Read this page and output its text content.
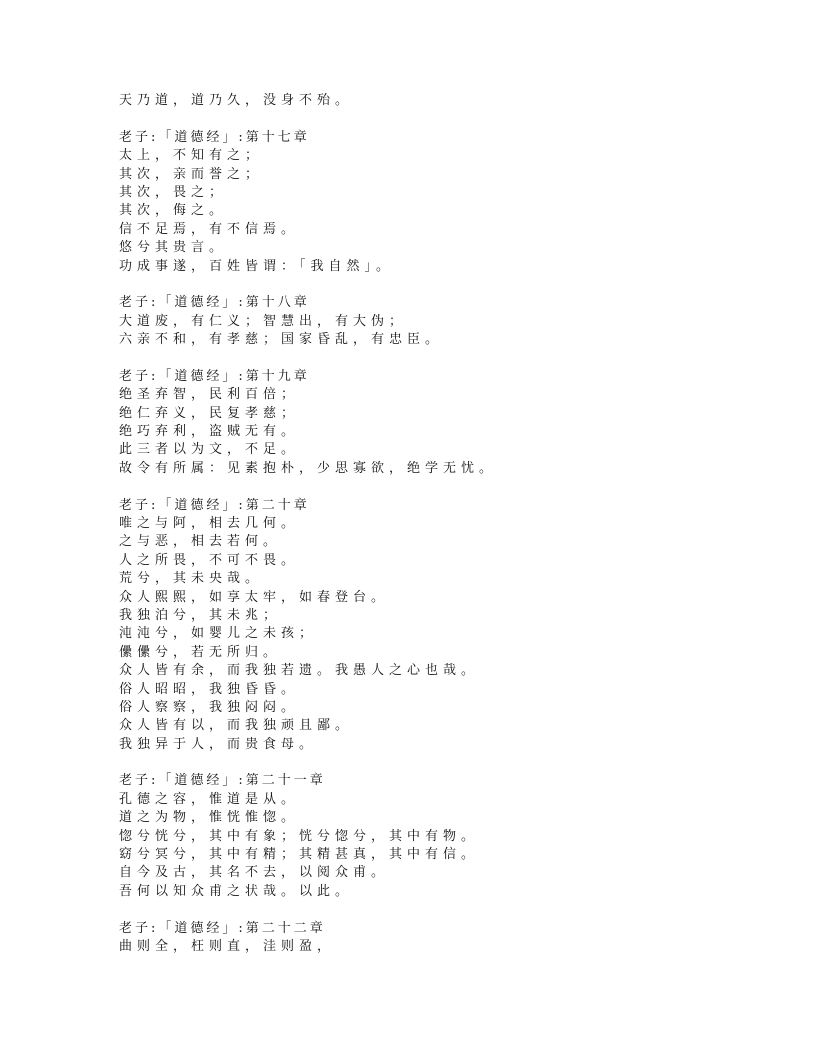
天乃道，道乃久，没身不殆。

老子:「道德经」:第十七章

太上，不知有之；

其次，亲而誉之；

其次，畏之；

其次，侮之。

信不足焉，有不信焉。

悠兮其贵言。

功成事遂，百姓皆谓：「我自然」。

老子:「道德经」:第十八章

大道废，有仁义；智慧出，有大伪；

六亲不和，有孝慈；国家昏乱，有忠臣。

老子:「道德经」:第十九章

绝圣弃智，民利百倍；

绝仁弃义，民复孝慈；

绝巧弃利，盗贼无有。

此三者以为文，不足。

故令有所属：见素抱朴，少思寡欲，绝学无忧。

老子:「道德经」:第二十章

唯之与阿，相去几何。

之与恶，相去若何。

人之所畏，不可不畏。

荒兮，其未央哉。

众人熙熙，如享太牢，如春登台。

我独泊兮，其未兆；

沌沌兮，如婴儿之未孩；

儽儽兮，若无所归。

众人皆有余，而我独若遗。我愚人之心也哉。

俗人昭昭，我独昏昏。

俗人察察，我独闷闷。

众人皆有以，而我独顽且鄙。

我独异于人，而贵食母。

老子:「道德经」:第二十一章

孔德之容，惟道是从。

道之为物，惟恍惟惚。

惚兮恍兮，其中有象；恍兮惚兮，其中有物。

窈兮冥兮，其中有精；其精甚真，其中有信。

自今及古，其名不去，以阅众甫。

吾何以知众甫之状哉。以此。

老子:「道德经」:第二十二章

曲则全，枉则直，洼则盈，
